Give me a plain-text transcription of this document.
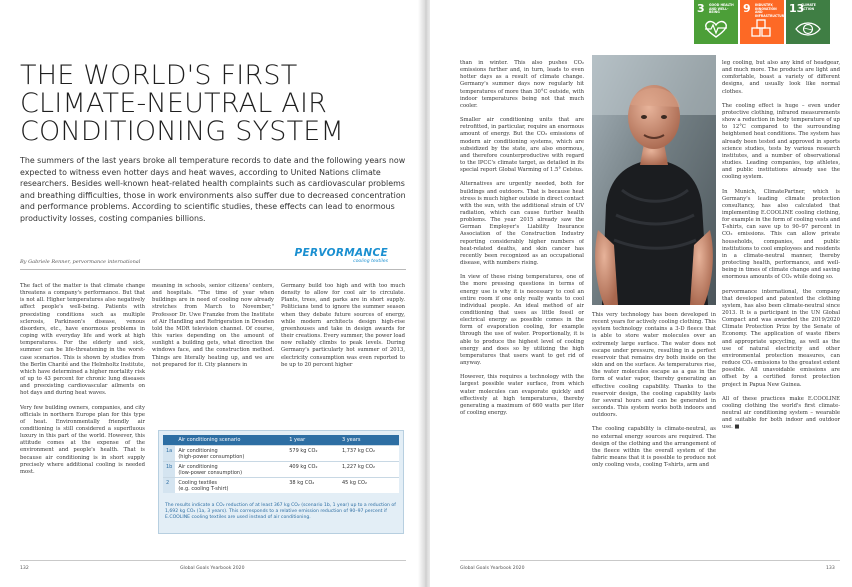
THE WORLD'S FIRST CLIMATE-NEUTRAL AIR CONDITIONING SYSTEM

The summers of the last years broke all temperature records to date and the following years now expected to witness even hotter days and heat waves, according to United Nations climate researchers. Besides well-known heat-related health complaints such as cardiovascular problems and breathing difficulties, those in work environments also suffer due to decreased concentration and performance problems. According to scientific studies, these effects can lead to enormous productivity losses, costing companies billions.

By Gabriele Renner, pervormance international
PERVORMANCE
cooling textiles

The fact of the matter is that climate change threatens a company's performance. But that is not all. Higher temperatures also negatively affect people's well-being. Patients with preexisting conditions such as multiple sclerosis, Parkinson's disease, venous disorders, etc., have enormous problems in coping with everyday life and work at high temperatures. For the elderly and sick, summer can be life-threatening in the worst-case scenarios. This is shown by studies from the Berlin Charité and the Helmholtz Institute, which have determined a higher mortality risk of up to 43 percent for chronic lung diseases and preexisting cardiovascular ailments on hot days and during heat waves.

Very few building owners, companies, and city officials in northern Europe plan for this type of heat. Environmentally friendly air conditioning is still considered a superfluous luxury in this part of the world. However, this attitude comes at the expense of the environment and people's health. That is because air conditioning is in short supply precisely where additional cooling is needed most.

meaning in schools, senior citizens' centers, and hospitals. "The time of year when buildings are in need of cooling now already stretches from March to November," Professor Dr. Uwe Franzke from the Institute of Air Handling and Refrigeration in Dresden told the MDR television channel. Of course, this varies depending on the amount of sunlight a building gets, what direction the windows face, and the construction method. Things are literally heating up, and we are not prepared for it. City planners in

Germany build too high and with too much density to allow for cool air to circulate. Plants, trees, and parks are in short supply. Politicians tend to ignore the summer season when they debate future sources of energy, while modern architects design high-rise greenhouses and take in design awards for their creations. Every summer, the power load now reliably climbs to peak levels. During Germany's particularly hot summer of 2013, electricity consumption was even reported to be up to 20 percent higher

	Air conditioning scenario	1 year	3 years
1a	Air conditioning
(high-power consumption)	579 kg CO₂	1,737 kg CO₂
1b	Air conditioning
(low-power consumption)	409 kg CO₂	1,227 kg CO₂
2	Cooling textiles
(e.g. cooling T-shirt)	38 kg CO₂	45 kg CO₂
The results indicate a CO₂ reduction of at least 367 kg CO₂ (scenario 1b, 1 year) up to a reduction of 1,692 kg CO₂ (1a, 3 years). This corresponds to a relative emission reduction of 90–97 percent if E.COOLINE cooling textiles are used instead of air conditioning.
132	Global Goals Yearbook 2020
3 GOOD HEALTH AND WELL-BEING	9 INDUSTRY, INNOVATION AND INFRASTRUCTURE
13
CLIMATE ACTION

than in winter. This also pushes CO₂ emissions further and, in turn, leads to even hotter days as a result of climate change. Germany's summer days now regularly hit temperatures of more than 30°C outside, with indoor temperatures being not that much cooler.

Smaller air conditioning units that are retrofitted, in particular, require an enormous amount of energy. But the CO₂ emissions of modern air conditioning systems, which are subsidized by the state, are also enormous, and therefore counterproductive with regard to the IPCC's climate target, as detailed in its special report Global Warming of 1.5° Celsius.

Alternatives are urgently needed, both for buildings and outdoors. That is because heat stress is much higher outside in direct contact with the sun, with the additional strain of UV radiation, which can cause further health problems. The year 2015 already saw the German Employer's Liability Insurance Association of the Construction Industry reporting considerably higher numbers of heat-related deaths, and skin cancer has recently been recognized as an occupational disease, with numbers rising.

In view of these rising temperatures, one of the more pressing questions in terms of energy use is why it is necessary to cool an entire room if one only really wants to cool individual people. An ideal method of air conditioning that uses as little fossil or electrical energy as possible comes in the form of evaporation cooling, for example through the use of water. Proportionally, it is able to produce the highest level of cooling energy and does so by utilizing the high temperatures that users want to get rid of anyway.

However, this requires a technology with the largest possible water surface, from which water molecules can evaporate quickly and effectively at high temperatures, thereby generating a maximum of 660 watts per liter of cooling energy.

This very technology has been developed in recent years for actively cooling clothing. This system technology contains a 3-D fleece that is able to store water molecules over an extremely large surface. The water does not escape under pressure, resulting in a perfect reservoir that remains dry both inside on the skin and on the surface. As temperatures rise, the water molecules escape as a gas in the form of water vapor, thereby generating an effective cooling capability. Thanks to the reservoir design, the cooling capability lasts for several hours and can be generated in seconds. This system works both indoors and outdoors.

The cooling capability is climate-neutral, as no external energy sources are required. The design of the clothing and the arrangement of the fleece within the overall system of the fabric means that it is possible to produce not only cooling vests, cooling T-shirts, arm and

leg cooling, but also any kind of headgear, and much more. The products are light and comfortable, boast a variety of different designs, and usually look like normal clothes.

The cooling effect is huge – even under protective clothing, infrared measurements show a reduction in body temperature of up to 12°C compared to the surrounding heightened heat conditions. The system has already been tested and approved in sports science studies, tests by various research institutes, and a number of observational studies. Leading companies, top athletes, and public institutions already use the cooling system.

In Munich, ClimatePartner, which is Germany's leading climate protection consultancy, has also calculated that implementing E.COOLINE cooling clothing, for example in the form of cooling vests and T-shirts, can save up to 90–97 percent in CO₂ emissions. This can allow private households, companies, and public institutions to cool employees and residents in a climate-neutral manner, thereby protecting health, performance, and well-being in times of climate change and saving enormous amounts of CO₂ while doing so.

pervormance international, the company that developed and patented the clothing system, has also been climate-neutral since 2013. It is a participant in the UN Global Compact and was awarded the 2019/2020 Climate Protection Prize by the Senate of Economy. The application of waste fibers and appropriate upcycling, as well as the use of natural electricity and other environmental protection measures, can reduce CO₂ emissions to the greatest extent possible. All unavoidable emissions are offset by a certified forest protection project in Papua New Guinea.

All of these practices make E.COOLINE cooling clothing the world's first climate-neutral air conditioning system – wearable and suitable for both indoor and outdoor use. ■

Global Goals Yearbook 2020	133
